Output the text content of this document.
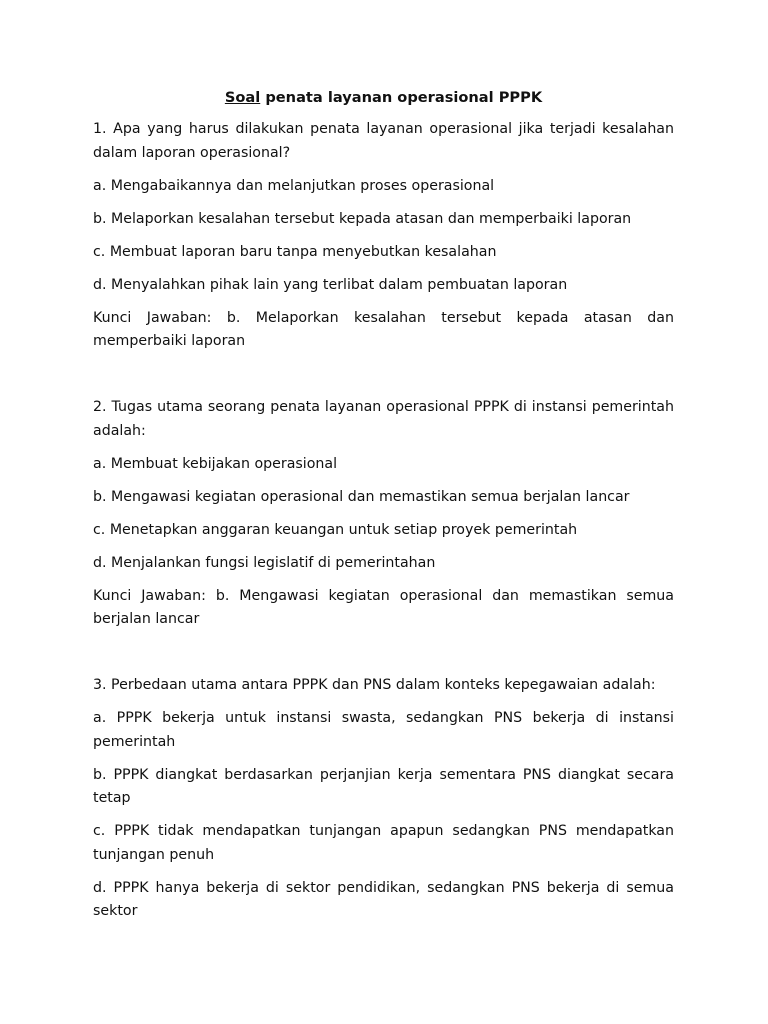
Soal penata layanan operasional PPPK

1. Apa yang harus dilakukan penata layanan operasional jika terjadi kesalahan dalam laporan operasional?

a. Mengabaikannya dan melanjutkan proses operasional

b. Melaporkan kesalahan tersebut kepada atasan dan memperbaiki laporan

c. Membuat laporan baru tanpa menyebutkan kesalahan

d. Menyalahkan pihak lain yang terlibat dalam pembuatan laporan

Kunci Jawaban: b. Melaporkan kesalahan tersebut kepada atasan dan memperbaiki laporan

2. Tugas utama seorang penata layanan operasional PPPK di instansi pemerintah adalah:

a. Membuat kebijakan operasional

b. Mengawasi kegiatan operasional dan memastikan semua berjalan lancar

c. Menetapkan anggaran keuangan untuk setiap proyek pemerintah

d. Menjalankan fungsi legislatif di pemerintahan

Kunci Jawaban: b. Mengawasi kegiatan operasional dan memastikan semua berjalan lancar

3. Perbedaan utama antara PPPK dan PNS dalam konteks kepegawaian adalah:

a. PPPK bekerja untuk instansi swasta, sedangkan PNS bekerja di instansi pemerintah

b. PPPK diangkat berdasarkan perjanjian kerja sementara PNS diangkat secara tetap

c. PPPK tidak mendapatkan tunjangan apapun sedangkan PNS mendapatkan tunjangan penuh

d. PPPK hanya bekerja di sektor pendidikan, sedangkan PNS bekerja di semua sektor
